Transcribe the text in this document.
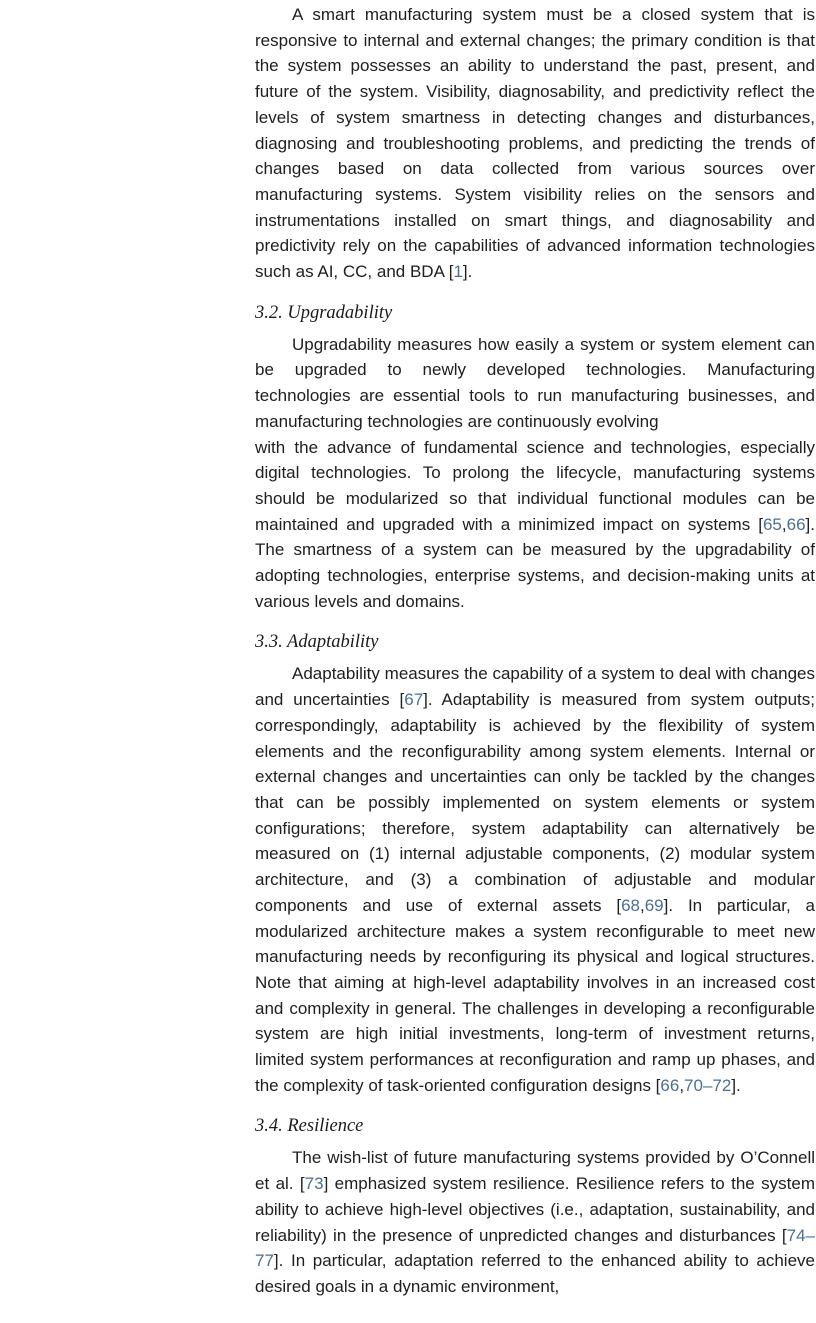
A smart manufacturing system must be a closed system that is responsive to internal and external changes; the primary condition is that the system possesses an ability to understand the past, present, and future of the system. Visibility, diagnosability, and predictivity reflect the levels of system smartness in detecting changes and disturbances, diagnosing and troubleshooting problems, and predicting the trends of changes based on data collected from various sources over manufacturing systems. System visibility relies on the sensors and instrumentations installed on smart things, and diagnosability and predictivity rely on the capabilities of advanced information technologies such as AI, CC, and BDA [1].

3.2. Upgradability

Upgradability measures how easily a system or system element can be upgraded to newly developed technologies. Manufacturing technologies are essential tools to run manufacturing businesses, and manufacturing technologies are continuously evolving

with the advance of fundamental science and technologies, especially digital technologies. To prolong the lifecycle, manufacturing systems should be modularized so that individual functional modules can be maintained and upgraded with a minimized impact on systems [65,66]. The smartness of a system can be measured by the upgradability of adopting technologies, enterprise systems, and decision-making units at various levels and domains.

3.3. Adaptability

Adaptability measures the capability of a system to deal with changes and uncertainties [67]. Adaptability is measured from system outputs; correspondingly, adaptability is achieved by the flexibility of system elements and the reconfigurability among system elements. Internal or external changes and uncertainties can only be tackled by the changes that can be possibly implemented on system elements or system configurations; therefore, system adaptability can alternatively be measured on (1) internal adjustable components, (2) modular system architecture, and (3) a combination of adjustable and modular components and use of external assets [68,69]. In particular, a modularized architecture makes a system reconfigurable to meet new manufacturing needs by reconfiguring its physical and logical structures. Note that aiming at high-level adaptability involves in an increased cost and complexity in general. The challenges in developing a reconfigurable system are high initial investments, long-term of investment returns, limited system performances at reconfiguration and ramp up phases, and the complexity of task-oriented configuration designs [66,70–72].

3.4. Resilience

The wish-list of future manufacturing systems provided by O’Connell et al. [73] emphasized system resilience. Resilience refers to the system ability to achieve high-level objectives (i.e., adaptation, sustainability, and reliability) in the presence of unpredicted changes and disturbances [74–77]. In particular, adaptation referred to the enhanced ability to achieve desired goals in a dynamic environment,
